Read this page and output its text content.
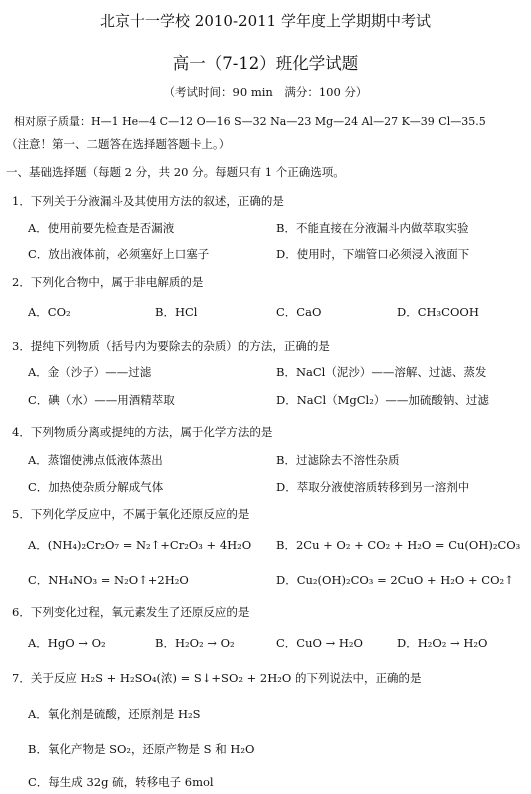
北京十一学校 2010-2011 学年度上学期期中考试
高一（7-12）班化学试题
（考试时间：90 min　满分：100 分）
相对原子质量：H—1 He—4 C—12 O—16 S—32 Na—23 Mg—24 Al—27 K—39 Cl—35.5
（注意！第一、二题答在选择题答题卡上。）
一、基础选择题（每题 2 分，共 20 分。每题只有 1 个正确选项。
1．下列关于分液漏斗及其使用方法的叙述，正确的是
A．使用前要先检查是否漏液	B．不能直接在分液漏斗内做萃取实验
C．放出液体前，必须塞好上口塞子	D．使用时，下端管口必须浸入液面下
2．下列化合物中，属于非电解质的是
A．CO₂	B．HCl	C．CaO	D．CH₃COOH
3．提纯下列物质（括号内为要除去的杂质）的方法，正确的是
A．金（沙子）——过滤	B．NaCl（泥沙）——溶解、过滤、蒸发
C．碘（水）——用酒精萃取	D．NaCl（MgCl₂）——加硫酸钠、过滤
4．下列物质分离或提纯的方法，属于化学方法的是
A．蒸馏使沸点低液体蒸出	B．过滤除去不溶性杂质
C．加热使杂质分解成气体	D．萃取分液使溶质转移到另一溶剂中
5．下列化学反应中，不属于氧化还原反应的是
A．(NH₄)₂Cr₂O₇ = N₂↑+Cr₂O₃ + 4H₂O B．2Cu + O₂ + CO₂ + H₂O = Cu(OH)₂CO₃
C．NH₄NO₃ = N₂O↑+2H₂O	D．Cu₂(OH)₂CO₃ = 2CuO + H₂O + CO₂↑
6．下列变化过程，氧元素发生了还原反应的是
A．HgO → O₂	B．H₂O₂ → O₂	C．CuO → H₂O	D．H₂O₂ → H₂O
7．关于反应 H₂S + H₂SO₄(浓) = S↓+SO₂ + 2H₂O 的下列说法中，正确的是
A．氧化剂是硫酸，还原剂是 H₂S
B．氧化产物是 SO₂，还原产物是 S 和 H₂O
C．每生成 32g 硫，转移电子 6mol
